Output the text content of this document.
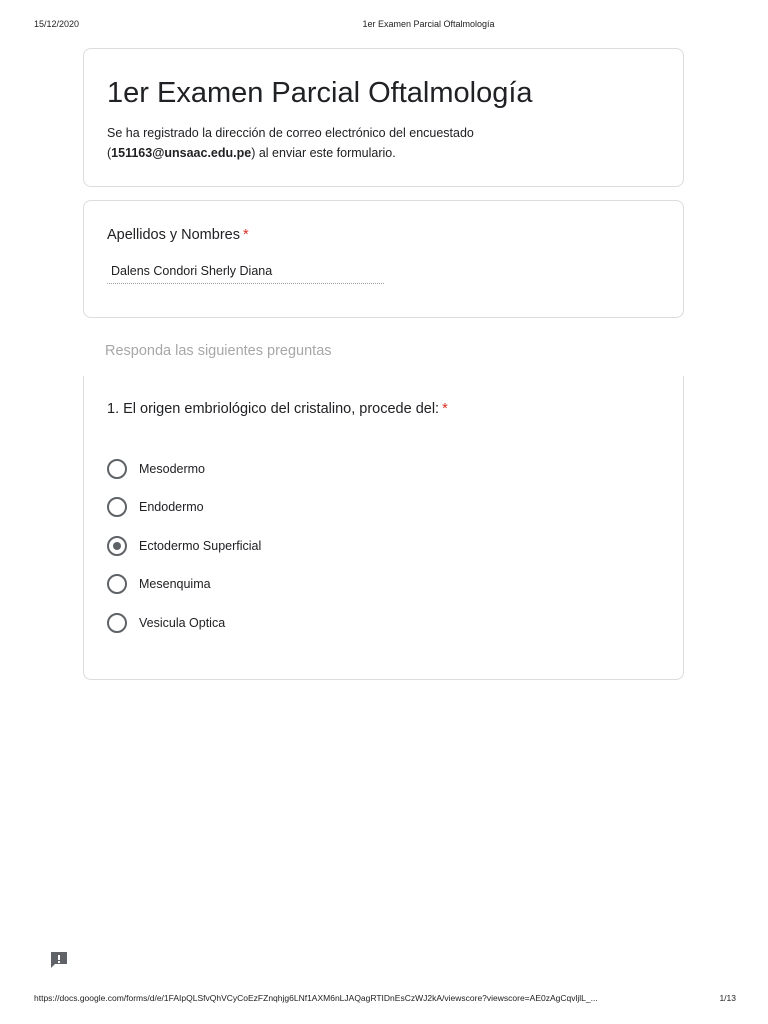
15/12/2020	1er Examen Parcial Oftalmología
1er Examen Parcial Oftalmología
Se ha registrado la dirección de correo electrónico del encuestado (151163@unsaac.edu.pe) al enviar este formulario.
Apellidos y Nombres *
Dalens Condori Sherly Diana
Responda las siguientes preguntas
1. El origen embriológico del cristalino, procede del: *
Mesodermo
Endodermo
Ectodermo Superficial
Mesenquima
Vesicula Optica
https://docs.google.com/forms/d/e/1FAIpQLSfvQhVCyCoEzFZnqhjg6LNf1AXM6nLJAQagRTIDnEsCzWJ2kA/viewscore?viewscore=AE0zAgCqvljlL_...	1/13
